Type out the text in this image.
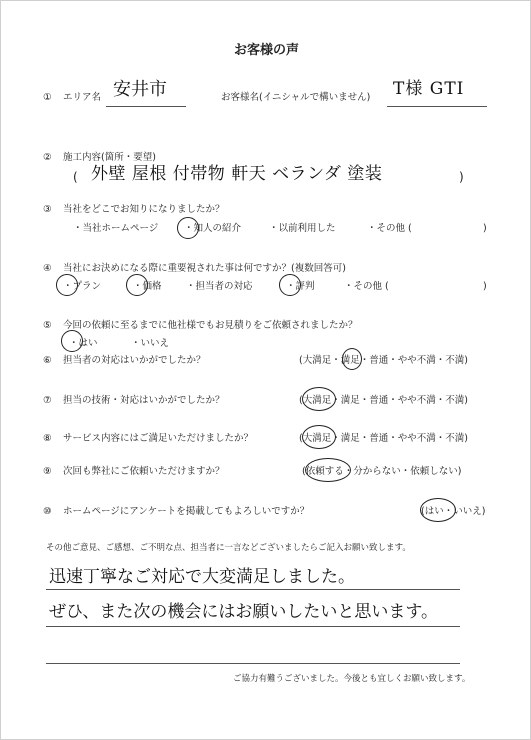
お客様の声
① エリア名 安井市	お客様名(イニシャルで構いません) T様 GTI
② 施工内容(箇所・要望)
( 外壁 屋根 付帯物 軒天 ベランダ 塗装	)
③ 当社をどこでお知りになりましたか？
・当社ホームページ	・知人の紹介	・以前利用した	・その他 (	)
④ 当社にお決めになる際に重要視された事は何ですか？(複数回答可)
・プラン	・価格	・担当者の対応	・評判	・その他 (	)
⑤ 今回の依頼に至るまでに他社様でもお見積りをご依頼されましたか？
・はい	・いいえ
⑥ 担当者の対応はいかがでしたか？	(大満足・満足・普通・やや不満・不満)
⑦ 担当の技術・対応はいかがでしたか？	(大満足・満足・普通・やや不満・不満)
⑧ サービス内容にはご満足いただけましたか？	(大満足・満足・普通・やや不満・不満)
⑨ 次回も弊社にご依頼いただけますか？	(依頼する・分からない・依頼しない)
⑩ ホームページにアンケートを掲載してもよろしいですか？	(はい・いいえ)
その他ご意見、ご感想、ご不明な点、担当者に一言などございましたらご記入お願い致します。
迅速丁寧なご対応で大変満足しました。
ぜひ、また次の機会にはお願いしたいと思います。
ご協力有難うございました。今後とも宜しくお願い致します。
